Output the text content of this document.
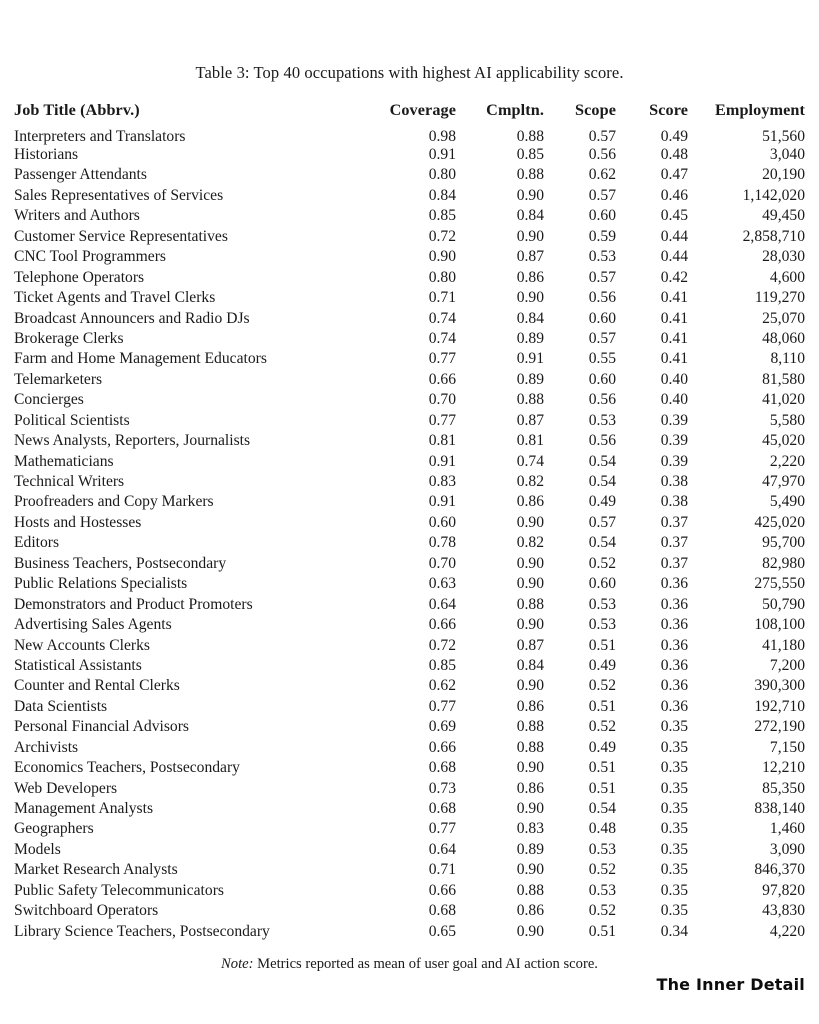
Table 3: Top 40 occupations with highest AI applicability score.

Job Title (Abbrv.)	Coverage	Cmpltn.	Scope	Score	Employment

Interpreters and Translators	0.98	0.88	0.57	0.49	51,560
Historians	0.91	0.85	0.56	0.48	3,040
Passenger Attendants	0.80	0.88	0.62	0.47	20,190
Sales Representatives of Services	0.84	0.90	0.57	0.46	1,142,020
Writers and Authors	0.85	0.84	0.60	0.45	49,450
Customer Service Representatives	0.72	0.90	0.59	0.44	2,858,710
CNC Tool Programmers	0.90	0.87	0.53	0.44	28,030
Telephone Operators	0.80	0.86	0.57	0.42	4,600
Ticket Agents and Travel Clerks	0.71	0.90	0.56	0.41	119,270
Broadcast Announcers and Radio DJs	0.74	0.84	0.60	0.41	25,070
Brokerage Clerks	0.74	0.89	0.57	0.41	48,060
Farm and Home Management Educators	0.77	0.91	0.55	0.41	8,110
Telemarketers	0.66	0.89	0.60	0.40	81,580
Concierges	0.70	0.88	0.56	0.40	41,020
Political Scientists	0.77	0.87	0.53	0.39	5,580
News Analysts, Reporters, Journalists	0.81	0.81	0.56	0.39	45,020
Mathematicians	0.91	0.74	0.54	0.39	2,220
Technical Writers	0.83	0.82	0.54	0.38	47,970
Proofreaders and Copy Markers	0.91	0.86	0.49	0.38	5,490
Hosts and Hostesses	0.60	0.90	0.57	0.37	425,020
Editors	0.78	0.82	0.54	0.37	95,700
Business Teachers, Postsecondary	0.70	0.90	0.52	0.37	82,980
Public Relations Specialists	0.63	0.90	0.60	0.36	275,550
Demonstrators and Product Promoters	0.64	0.88	0.53	0.36	50,790
Advertising Sales Agents	0.66	0.90	0.53	0.36	108,100
New Accounts Clerks	0.72	0.87	0.51	0.36	41,180
Statistical Assistants	0.85	0.84	0.49	0.36	7,200
Counter and Rental Clerks	0.62	0.90	0.52	0.36	390,300
Data Scientists	0.77	0.86	0.51	0.36	192,710
Personal Financial Advisors	0.69	0.88	0.52	0.35	272,190
Archivists	0.66	0.88	0.49	0.35	7,150
Economics Teachers, Postsecondary	0.68	0.90	0.51	0.35	12,210
Web Developers	0.73	0.86	0.51	0.35	85,350
Management Analysts	0.68	0.90	0.54	0.35	838,140
Geographers	0.77	0.83	0.48	0.35	1,460
Models	0.64	0.89	0.53	0.35	3,090
Market Research Analysts	0.71	0.90	0.52	0.35	846,370
Public Safety Telecommunicators	0.66	0.88	0.53	0.35	97,820
Switchboard Operators	0.68	0.86	0.52	0.35	43,830
Library Science Teachers, Postsecondary	0.65	0.90	0.51	0.34	4,220

Note: Metrics reported as mean of user goal and AI action score.
The Inner Detail
